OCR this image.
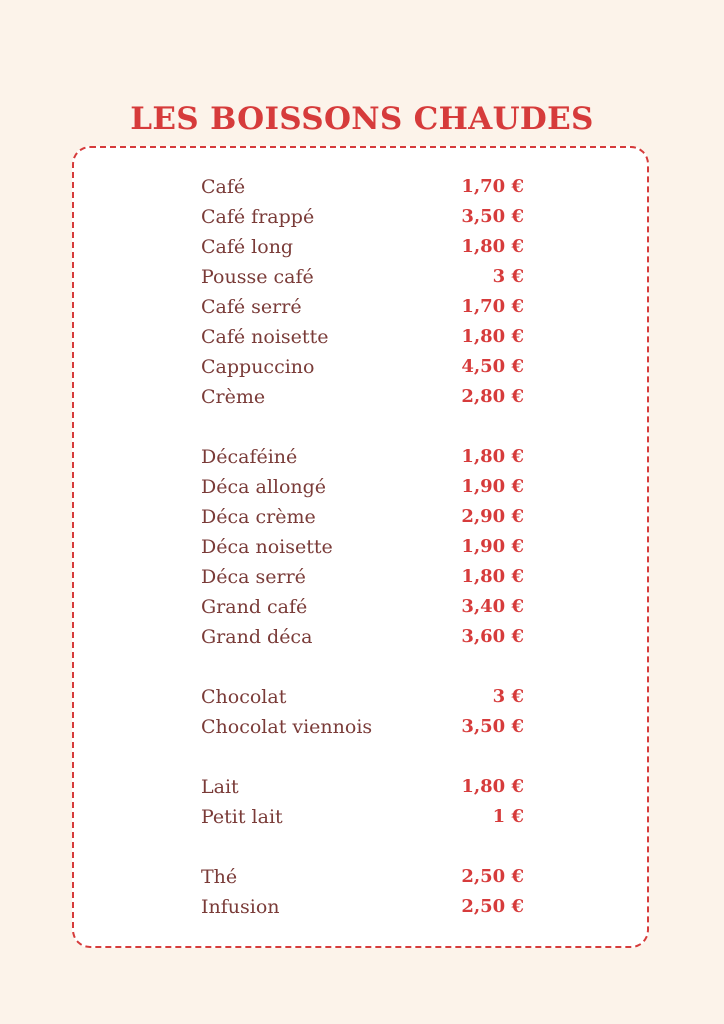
LES BOISSONS CHAUDES
Café	1,70 €
Café frappé	3,50 €
Café long	1,80 €
Pousse café	3 €
Café serré	1,70 €
Café noisette	1,80 €
Cappuccino	4,50 €
Crème	2,80 €
Décaféiné	1,80 €
Déca allongé	1,90 €
Déca crème	2,90 €
Déca noisette	1,90 €
Déca serré	1,80 €
Grand café	3,40 €
Grand déca	3,60 €
Chocolat	3 €
Chocolat viennois	3,50 €
Lait	1,80 €
Petit lait	1 €
Thé	2,50 €
Infusion	2,50 €
